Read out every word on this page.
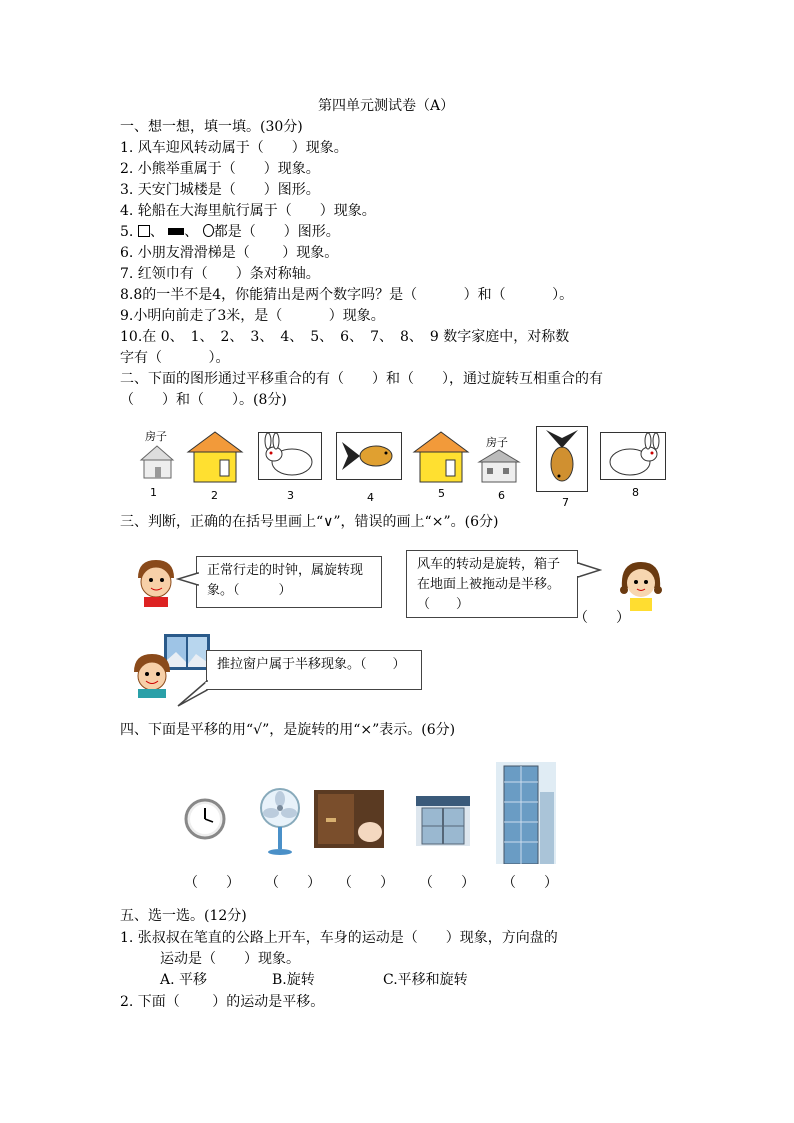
第四单元测试卷（A）
一、想一想，填一填。(30分)
1. 风车迎风转动属于（　　）现象。
2. 小熊举重属于（　　）现象。
3. 天安门城楼是（　　）图形。
4. 轮船在大海里航行属于（　　）现象。
5. 、 、 都是（　　）图形。
6. 小朋友滑滑梯是（　　 ）现象。
7. 红领巾有（　　）条对称轴。
8.8的一半不是4，你能猜出是两个数字吗？是（　　　 ）和（　　　 ）。
9.小明向前走了3米，是（　　　 ）现象。
10.在 0、　1、　2、　3、　4、　5、　6、　7、　8、　9 数字家庭中，对称数
字有（　　　 ）。
二、下面的图形通过平移重合的有（　　）和（　　），通过旋转互相重合的有
（　　）和（　　）。(8分)
房子	房子
1	2	3	4	5	6
7
8
三、判断，正确的在括号里画上“∨”，错误的画上“×”。(6分)
正常行走的时钟，属旋转现象。（　　　）
风车的转动是旋转，箱子在地面上被拖动是半移。（　　）
（　　）
推拉窗户属于半移现象。（　　）
四、下面是平移的用“√”，是旋转的用“×”表示。(6分)
（　　） （　　） （　　） （　　） （　　）
五、选一选。(12分)
1. 张叔叔在笔直的公路上开车，车身的运动是（　　）现象，方向盘的
运动是（　　）现象。
A. 平移	B.旋转	C.平移和旋转
2. 下面（　　 ）的运动是平移。
